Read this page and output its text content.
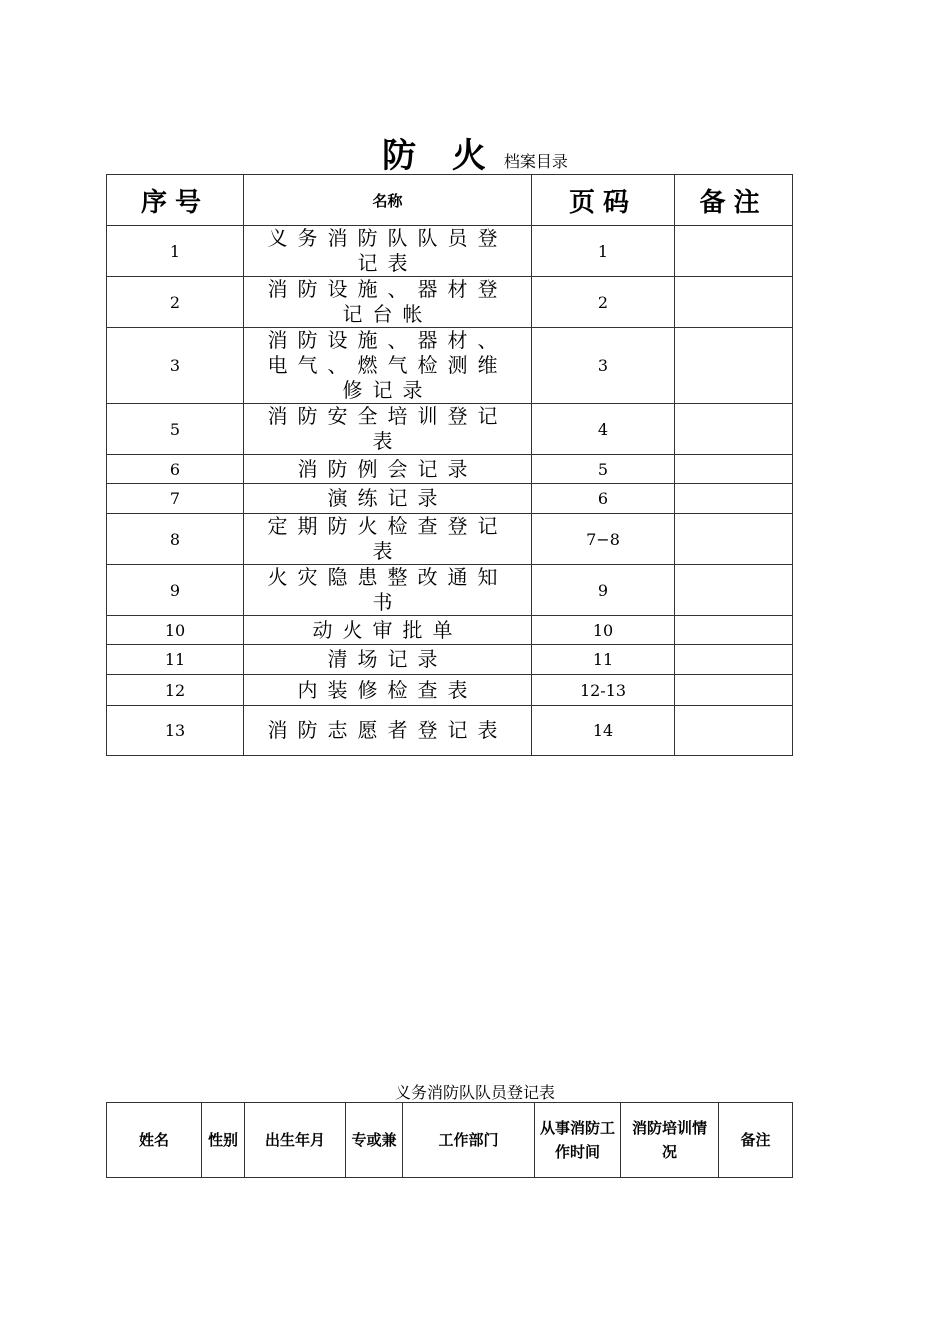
防 火 档案目录
序号	名称	页码	备注
1	义务消防队队员登记表	1	
2	消防设施、器材登记台帐	2	
3	消防设施、器材、电气、燃气检测维修记录	3	
5	消防安全培训登记表	4	
6	消防例会记录	5	
7	演练记录	6	
8	定期防火检查登记表	7−8	
9	火灾隐患整改通知书	9	
10	动火审批单	10	
11	清场记录	11	
12	内装修检查表	12-13	
13	消防志愿者登记表	14	
义务消防队队员登记表
姓名	性别	出生年月	专或兼	工作部门	从事消防工作时间	消防培训情况	备注
